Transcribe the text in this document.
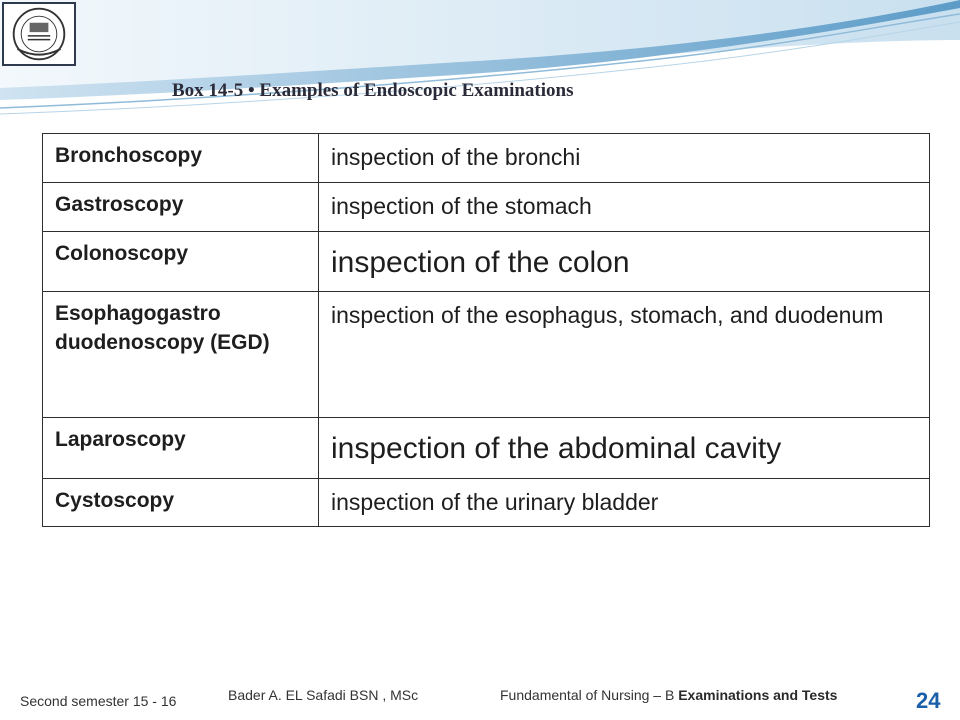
Box 14-5 • Examples of Endoscopic Examinations
Bronchoscopy	inspection of the bronchi
Gastroscopy	inspection of the stomach
Colonoscopy	inspection of the colon
Esophagogastro duodenoscopy (EGD)	inspection of the esophagus, stomach, and duodenum
Laparoscopy	inspection of the abdominal cavity
Cystoscopy	inspection of the urinary bladder
Second semester 15 - 16	Bader A. EL Safadi BSN , MSc	Fundamental of Nursing – B Examinations and Tests	24
